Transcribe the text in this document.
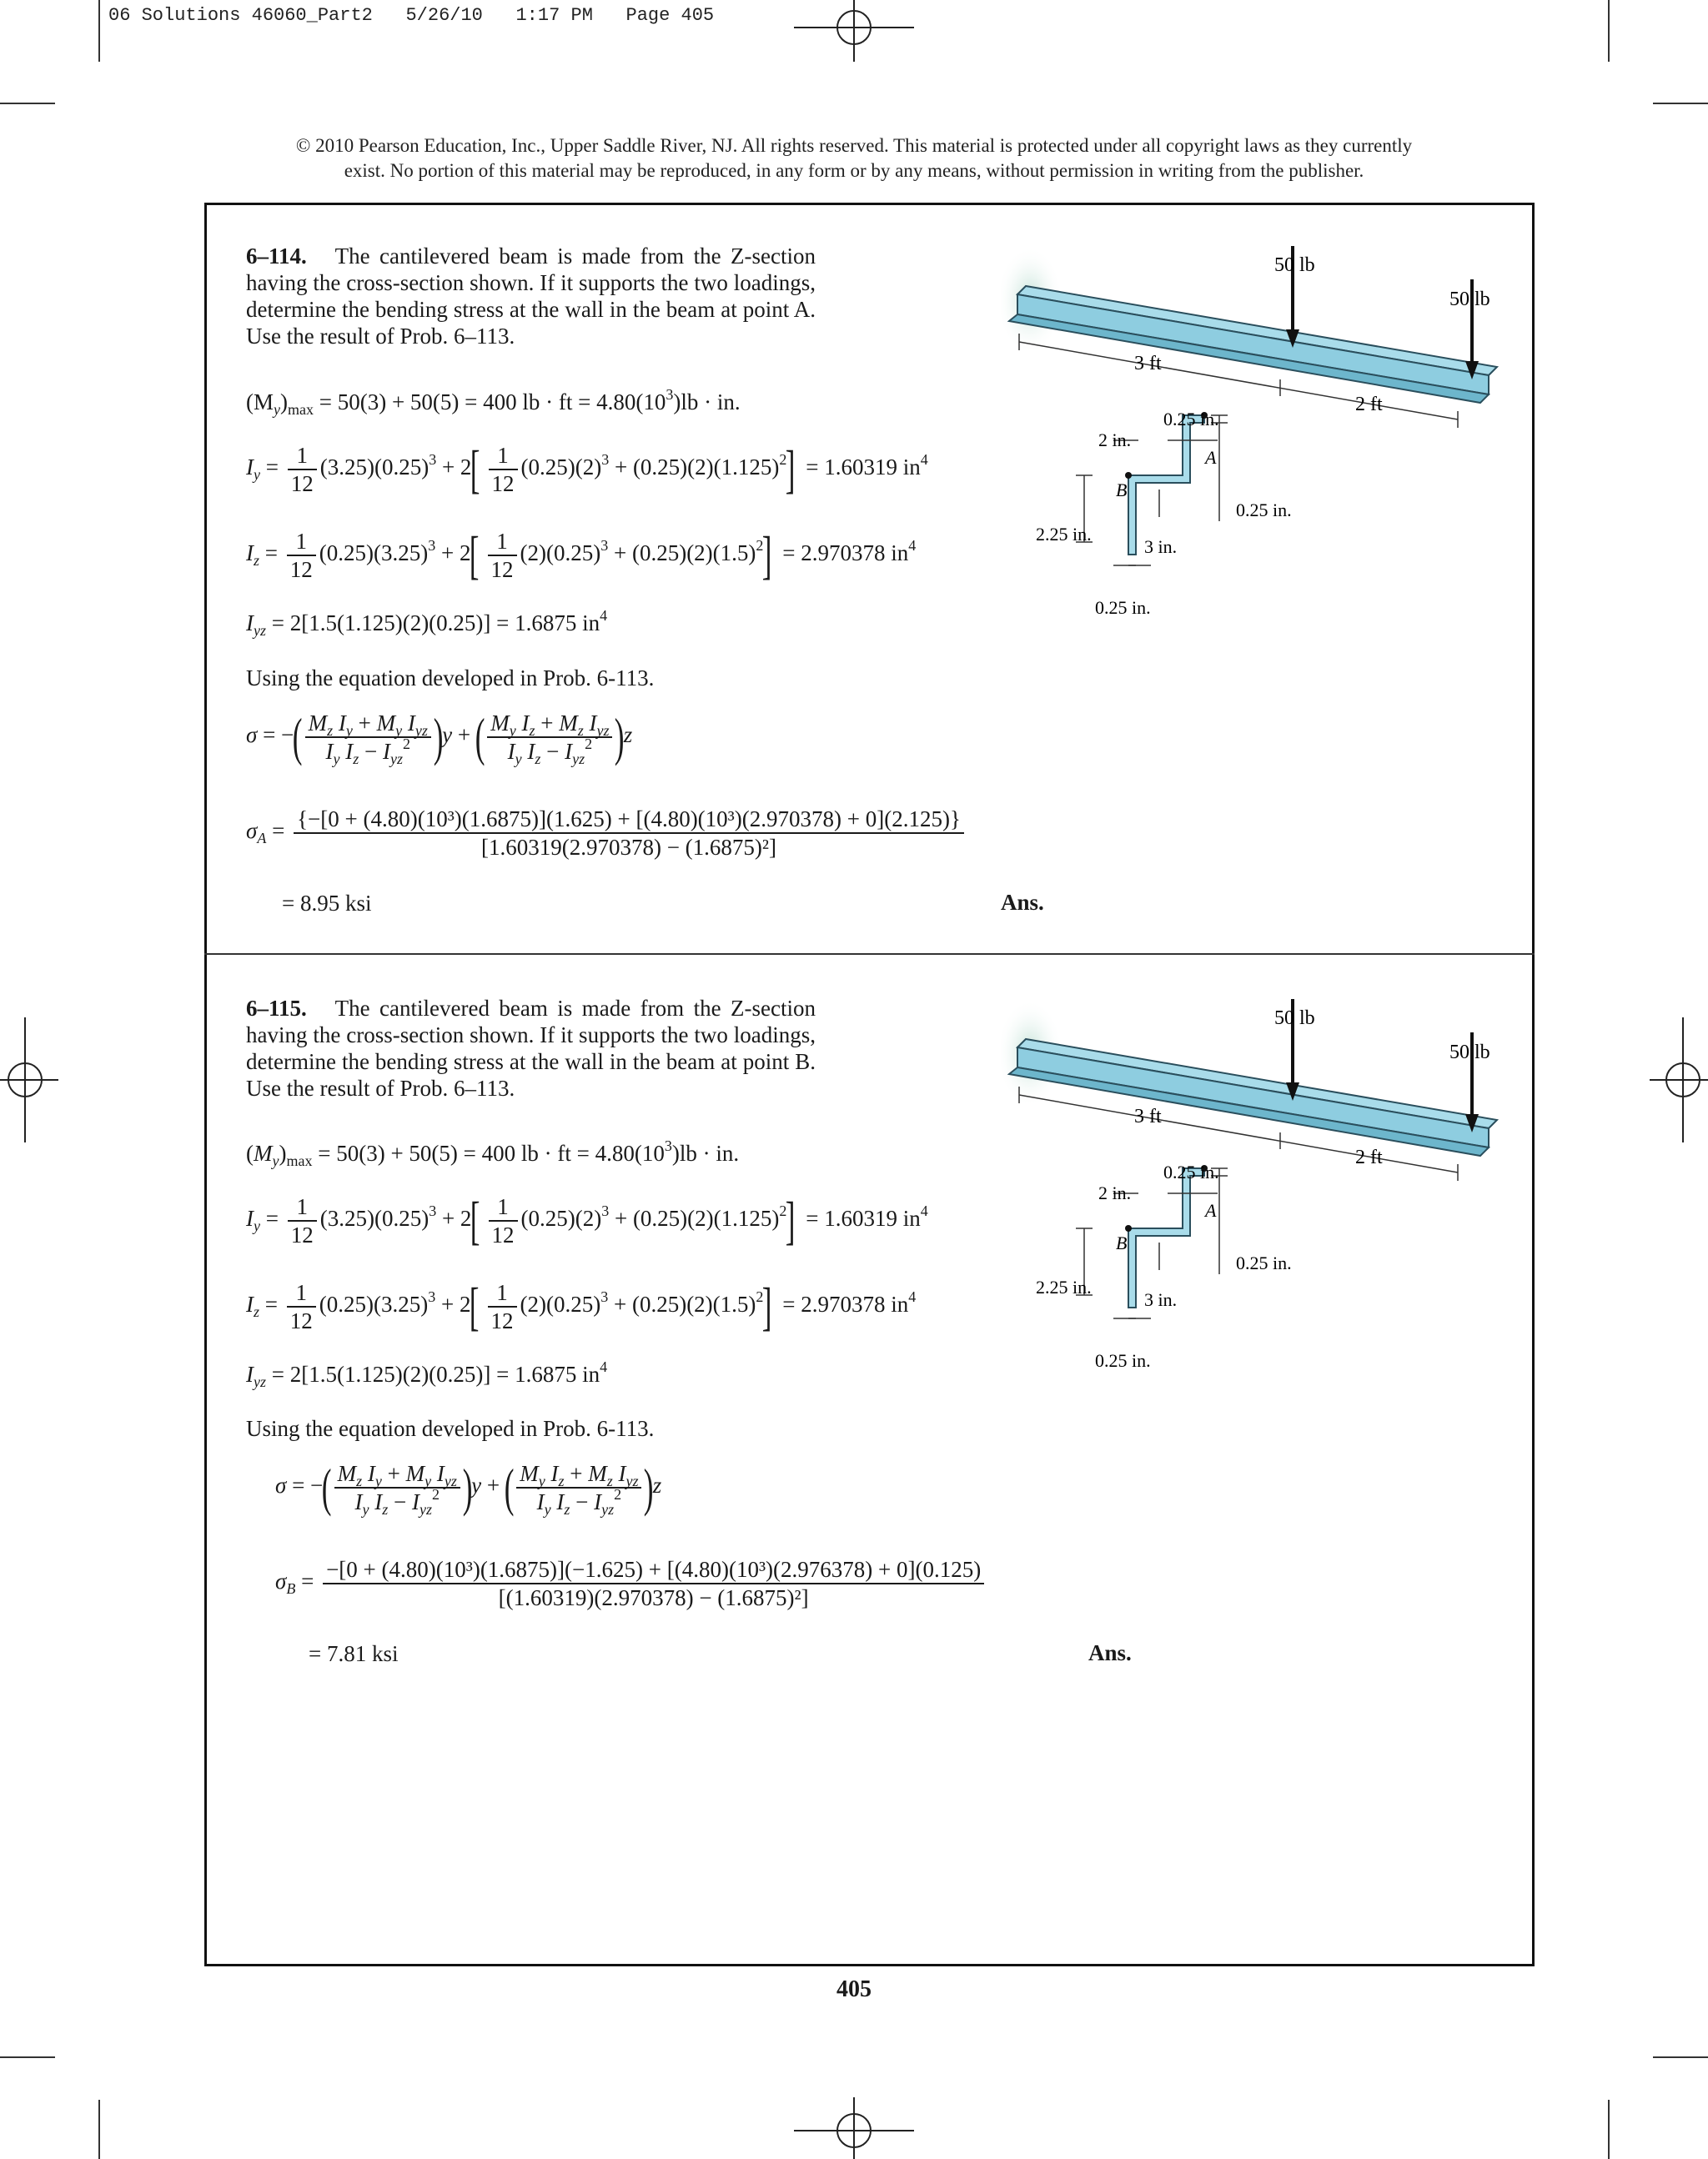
06 Solutions 46060_Part2   5/26/10   1:17 PM   Page 405
© 2010 Pearson Education, Inc., Upper Saddle River, NJ. All rights reserved. This material is protected under all copyright laws as they currently
exist. No portion of this material may be reproduced, in any form or by any means, without permission in writing from the publisher.
6–114. The cantilevered beam is made from the Z-section having the cross-section shown. If it supports the two loadings, determine the bending stress at the wall in the beam at point A. Use the result of Prob. 6–113.
$(M_y)_{max} = 50(3) + 50(5) = 400$ lb · ft = $4.80(10^3)lb$ · in.
$I_y = \frac{1}{12} (3.25)(0.25)^3 + 2[ \frac{1}{12} (0.25)(2)^3 + (0.25)(2)(1.125)^2] = 1.60319$ $in^4$
$I_z = \frac{1}{12} (0.25)(3.25)^3 + 2[ \frac{1}{12} (2)(0.25)^3 + (0.25)(2)(1.5)^2] = 2.970378$ $in^4$
$I_{yz} = 2[1.5(1.125)(2)(0.25)] = 1.6875$ $in^4$
Using the equation developed in Prob. 6-113.
σ = −( $\frac{M_z I_y + M_y I_{yz}}{I_y I_z - I_{yz}^2} )y$ + ( $\frac{M_y I_z + M_z I_{yz}}{I_y I_z - I_{yz}^2} )z$
$\sigma_A = \{-[0 + (4.80)(10^3)(1.6875)](1.625) + [(4.80)(10^3)(2.970378) + 0](2.125)\}$
[1.60319(2.970378) − (1.6875)²]
= 8.95 ksi	Ans.
6–115. The cantilevered beam is made from the Z-section having the cross-section shown. If it supports the two loadings, determine the bending stress at the wall in the beam at point B. Use the result of Prob. 6–113.
$(M_y)_{max} = 50(3) + 50(5) = 400$ lb · ft = $4.80(10^3)lb$ · in.
$I_y = \frac{1}{12} (3.25)(0.25)^3 + 2[ \frac{1}{12} (0.25)(2)^3 + (0.25)(2)(1.125)^2] = 1.60319$ $in^4$
$I_z = \frac{1}{12} (0.25)(3.25)^3 + 2[ \frac{1}{12} (2)(0.25)^3 + (0.25)(2)(1.5)^2] = 2.970378$ $in^4$
$I_{yz} = 2[1.5(1.125)(2)(0.25)] = 1.6875$ $in^4$
Using the equation developed in Prob. 6-113.
σ = −( $\frac{M_z I_y + M_y I_{yz}}{I_y I_z - I_{yz}^2} )y$ + ( $\frac{M_y I_z + M_z I_{yz}}{I_y I_z - I_{yz}^2} )z$
$\sigma_B = -[0 + (4.80)(10^3)(1.6875)](-1.625) + [(4.80)(10^3)(2.976378) + 0](0.125)$
[(1.60319)(2.970378) − (1.6875)²]
= 7.81 ksi	Ans.
50 lb
50 lb
3 ft
2 ft
0.25 in.
2 in.
A
B
0.25 in.
2.25 in.
3 in.
0.25 in.
50 lb
50 lb
3 ft
2 ft
0.25 in.
2 in.
A
B
0.25 in.
2.25 in.
3 in.
0.25 in.
405
